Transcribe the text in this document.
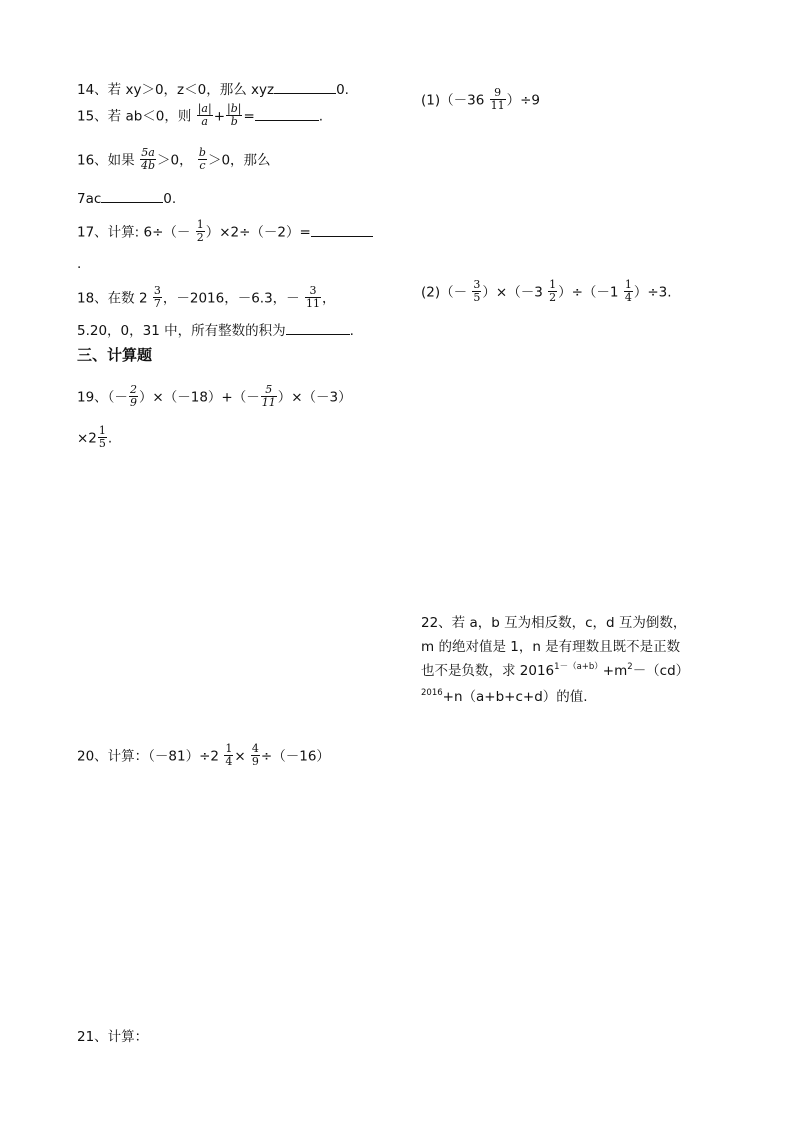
14、若 xy＞0，z＜0，那么 xyz	0.
15、若 ab＜0，则 $\frac{|a|}{a} + \frac{|b|}{b}$ =	.
16、如果 $\frac{5a}{4b} >0$， $\frac{b}{c} >0$，那么
7ac	0.
17、计算: $6\div(- \frac{1}{2} )\times 2\div(-2)=$
.
18、在数 $2 \frac{3}{7}$ ，－2016，－6.3，－ $\frac{3}{11}$ ，
5.20，0，31 中，所有整数的积为	.
三、计算题
19、（－ $\frac{2}{9} )\times(-18)+(- \frac{5}{11} )\times(-3)$
$\times 2 \frac{1}{5}$ .
20、计算：$(-81)\div 2 \frac{1}{4} \times \frac{4}{9} \div(-16)$
21、计算：
$(1)(-36 \frac{9}{11} )\div 9$
$(2)(- \frac{3}{5} )\times(-3 \frac{1}{2} )\div(-1 \frac{1}{4} )\div 3$.
22、若 a，b 互为相反数，c，d 互为倒数，
m 的绝对值是 1，n 是有理数且既不是正数
也不是负数，求 $2016^{1-(a+b)}+m^2-(cd)$
$^{2016}$+n（a+b+c+d）的值.
